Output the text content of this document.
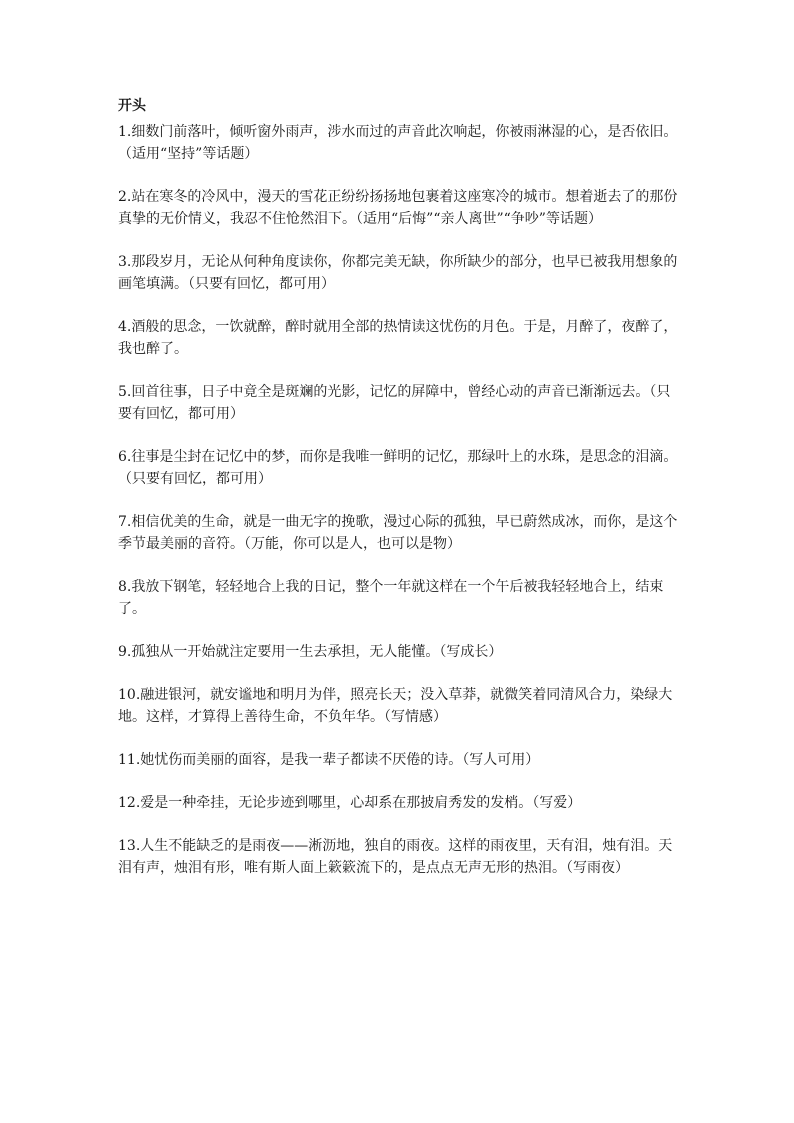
开头
1.细数门前落叶，倾听窗外雨声，涉水而过的声音此次响起，你被雨淋湿的心，是否依旧。（适用“坚持”等话题）
2.站在寒冬的冷风中，漫天的雪花正纷纷扬扬地包裹着这座寒冷的城市。想着逝去了的那份真挚的无价情义，我忍不住怆然泪下。（适用“后悔”“亲人离世”“争吵”等话题）
3.那段岁月，无论从何种角度读你，你都完美无缺，你所缺少的部分，也早已被我用想象的画笔填满。（只要有回忆，都可用）
4.酒般的思念，一饮就醉，醉时就用全部的热情读这忧伤的月色。于是，月醉了，夜醉了，我也醉了。
5.回首往事，日子中竟全是斑斓的光影，记忆的屏障中，曾经心动的声音已渐渐远去。（只要有回忆，都可用）
6.往事是尘封在记忆中的梦，而你是我唯一鲜明的记忆，那绿叶上的水珠，是思念的泪滴。（只要有回忆，都可用）
7.相信优美的生命，就是一曲无字的挽歌，漫过心际的孤独，早已蔚然成冰，而你，是这个季节最美丽的音符。（万能，你可以是人，也可以是物）
8.我放下钢笔，轻轻地合上我的日记，整个一年就这样在一个午后被我轻轻地合上，结束了。
9.孤独从一开始就注定要用一生去承担，无人能懂。（写成长）
10.融进银河，就安谧地和明月为伴，照亮长天；没入草莽，就微笑着同清风合力，染绿大地。这样，才算得上善待生命，不负年华。（写情感）
11.她忧伤而美丽的面容，是我一辈子都读不厌倦的诗。（写人可用）
12.爱是一种牵挂，无论步迹到哪里，心却系在那披肩秀发的发梢。（写爱）
13.人生不能缺乏的是雨夜——淅沥地，独自的雨夜。这样的雨夜里，天有泪，烛有泪。天泪有声，烛泪有形，唯有斯人面上簌簌流下的，是点点无声无形的热泪。（写雨夜）
